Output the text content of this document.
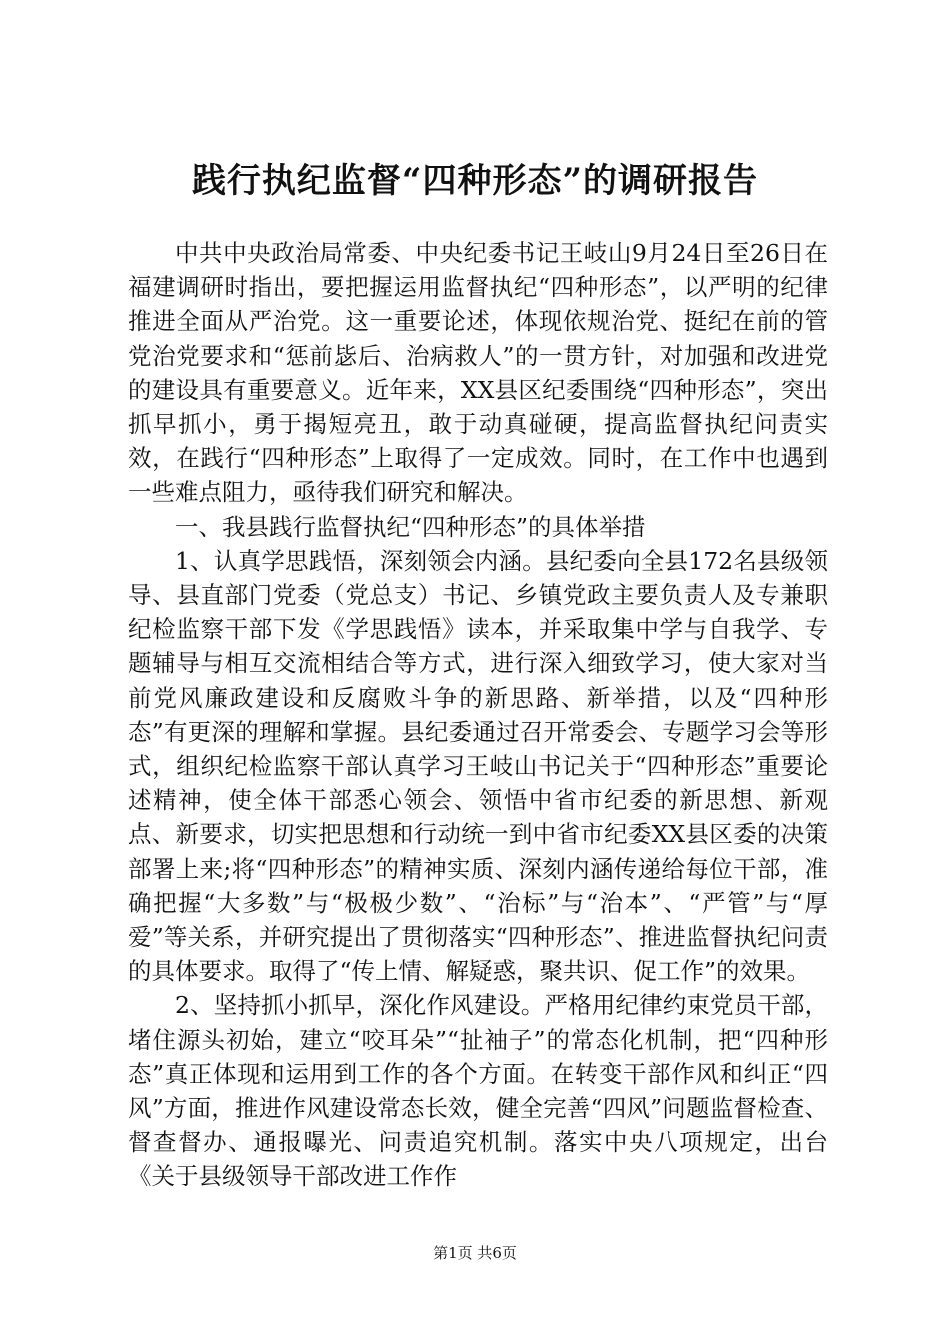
践行执纪监督“四种形态”的调研报告

中共中央政治局常委、中央纪委书记王岐山9月24日至26日在福建调研时指出，要把握运用监督执纪“四种形态”，以严明的纪律推进全面从严治党。这一重要论述，体现依规治党、挺纪在前的管党治党要求和“惩前毖后、治病救人”的一贯方针，对加强和改进党的建设具有重要意义。近年来，XX县区纪委围绕“四种形态”，突出抓早抓小，勇于揭短亮丑，敢于动真碰硬，提高监督执纪问责实效，在践行“四种形态”上取得了一定成效。同时，在工作中也遇到一些难点阻力，亟待我们研究和解决。

一、我县践行监督执纪“四种形态”的具体举措

1、认真学思践悟，深刻领会内涵。县纪委向全县172名县级领导、县直部门党委（党总支）书记、乡镇党政主要负责人及专兼职纪检监察干部下发《学思践悟》读本，并采取集中学与自我学、专题辅导与相互交流相结合等方式，进行深入细致学习，使大家对当前党风廉政建设和反腐败斗争的新思路、新举措，以及“四种形态”有更深的理解和掌握。县纪委通过召开常委会、专题学习会等形式，组织纪检监察干部认真学习王岐山书记关于“四种形态”重要论述精神，使全体干部悉心领会、领悟中省市纪委的新思想、新观点、新要求，切实把思想和行动统一到中省市纪委XX县区委的决策部署上来;将“四种形态”的精神实质、深刻内涵传递给每位干部，准确把握“大多数”与“极极少数”、“治标”与“治本”、“严管”与“厚爱”等关系，并研究提出了贯彻落实“四种形态”、推进监督执纪问责的具体要求。取得了“传上情、解疑惑，聚共识、促工作”的效果。

2、坚持抓小抓早，深化作风建设。严格用纪律约束党员干部，堵住源头初始，建立“咬耳朵”“扯袖子”的常态化机制，把“四种形态”真正体现和运用到工作的各个方面。在转变干部作风和纠正“四风”方面，推进作风建设常态长效，健全完善“四风”问题监督检查、督查督办、通报曝光、问责追究机制。落实中央八项规定，出台《关于县级领导干部改进工作作

第1页 共6页
